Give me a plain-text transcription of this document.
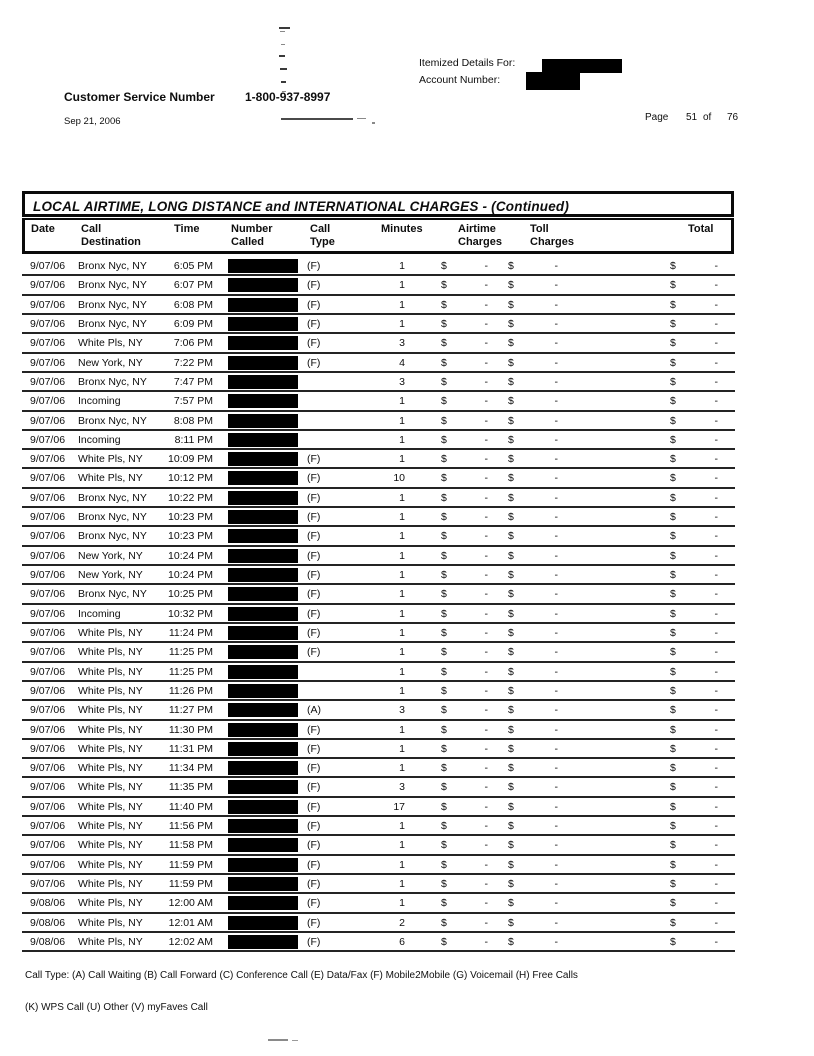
Itemized Details For:
Account Number:
Customer Service Number	1-800-937-8997
Sep 21, 2006	Page 51 of 76
LOCAL AIRTIME, LONG DISTANCE and INTERNATIONAL CHARGES - (Continued)
Date Call
Destination
Time	Number
Called
Call
Type
Minutes	Airtime
Charges
Toll
Charges
Total
9/07/06 Bronx Nyc, NY	6:05 PM	(F)	1	$	- $	-	$	-
9/07/06 Bronx Nyc, NY	6:07 PM	(F)	1	$	- $	-	$	-
9/07/06 Bronx Nyc, NY	6:08 PM	(F)	1	$	- $	-	$	-
9/07/06 Bronx Nyc, NY	6:09 PM	(F)	1	$	- $	-	$	-
9/07/06 White Pls, NY	7:06 PM	(F)	3	$	- $	-	$	-
9/07/06 New York, NY	7:22 PM	(F)	4	$	- $	-	$	-
9/07/06 Bronx Nyc, NY	7:47 PM	3	$	- $	-	$	-
9/07/06 Incoming	7:57 PM	1	$	- $	-	$	-
9/07/06 Bronx Nyc, NY	8:08 PM	1	$	- $	-	$	-
9/07/06 Incoming	8:11 PM	1	$	- $	-	$	-
9/07/06 White Pls, NY	10:09 PM	(F)	1	$	- $	-	$	-
9/07/06 White Pls, NY	10:12 PM	(F)	10	$	- $	-	$	-
9/07/06 Bronx Nyc, NY	10:22 PM	(F)	1	$	- $	-	$	-
9/07/06 Bronx Nyc, NY	10:23 PM	(F)	1	$	- $	-	$	-
9/07/06 Bronx Nyc, NY	10:23 PM	(F)	1	$	- $	-	$	-
9/07/06 New York, NY	10:24 PM	(F)	1	$	- $	-	$	-
9/07/06 New York, NY	10:24 PM	(F)	1	$	- $	-	$	-
9/07/06 Bronx Nyc, NY	10:25 PM	(F)	1	$	- $	-	$	-
9/07/06 Incoming	10:32 PM	(F)	1	$	- $	-	$	-
9/07/06 White Pls, NY	11:24 PM	(F)	1	$	- $	-	$	-
9/07/06 White Pls, NY	11:25 PM	(F)	1	$	- $	-	$	-
9/07/06 White Pls, NY	11:25 PM	1	$	- $	-	$	-
9/07/06 White Pls, NY	11:26 PM	1	$	- $	-	$	-
9/07/06 White Pls, NY	11:27 PM	(A)	3	$	- $	-	$	-
9/07/06 White Pls, NY	11:30 PM	(F)	1	$	- $	-	$	-
9/07/06 White Pls, NY	11:31 PM	(F)	1	$	- $	-	$	-
9/07/06 White Pls, NY	11:34 PM	(F)	1	$	- $	-	$	-
9/07/06 White Pls, NY	11:35 PM	(F)	3	$	- $	-	$	-
9/07/06 White Pls, NY	11:40 PM	(F)	17	$	- $	-	$	-
9/07/06 White Pls, NY	11:56 PM	(F)	1	$	- $	-	$	-
9/07/06 White Pls, NY	11:58 PM	(F)	1	$	- $	-	$	-
9/07/06 White Pls, NY	11:59 PM	(F)	1	$	- $	-	$	-
9/07/06 White Pls, NY	11:59 PM	(F)	1	$	- $	-	$	-
9/08/06 White Pls, NY	12:00 AM	(F)	1	$	- $	-	$	-
9/08/06 White Pls, NY	12:01 AM	(F)	2	$	- $	-	$	-
9/08/06 White Pls, NY	12:02 AM	(F)	6	$	- $	-	$	-
Call Type: (A) Call Waiting (B) Call Forward (C) Conference Call (E) Data/Fax (F) Mobile2Mobile (G) Voicemail (H) Free Calls
(K) WPS Call (U) Other (V) myFaves Call
